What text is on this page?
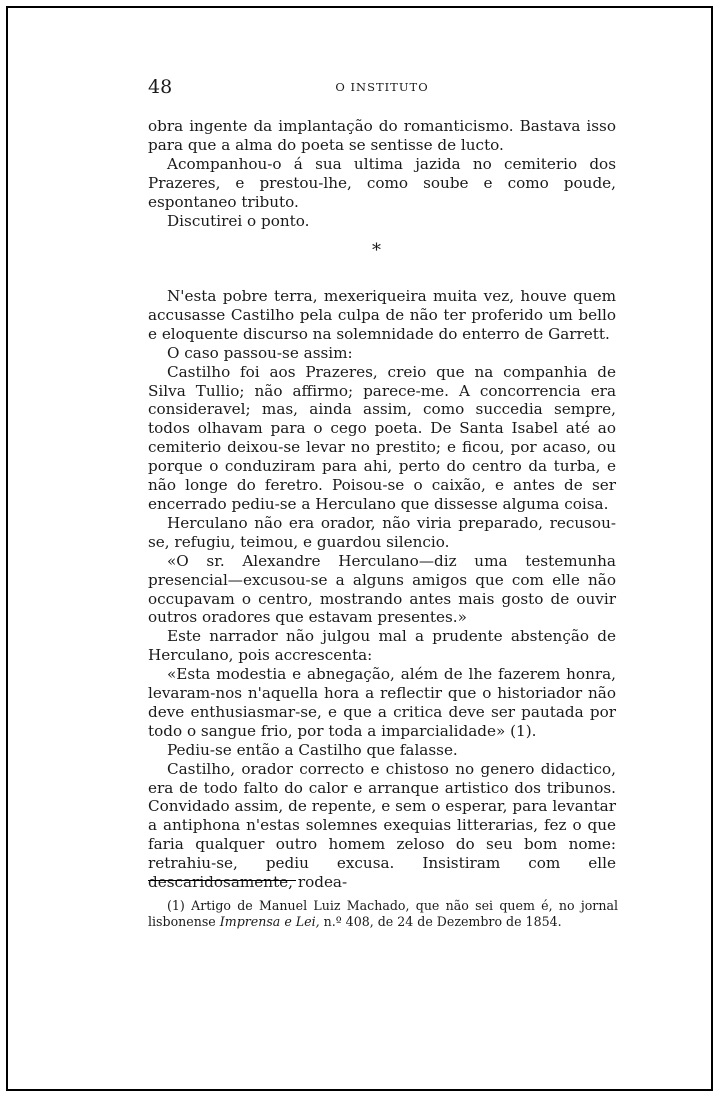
48	O INSTITUTO

obra ingente da implantação do romanticismo. Bastava isso para que a alma do poeta se sentisse de lucto.

Acompanhou-o á sua ultima jazida no cemiterio dos Prazeres, e prestou-lhe, como soube e como poude, espontaneo tributo.

Discutirei o ponto.

*

N'esta pobre terra, mexeriqueira muita vez, houve quem accusasse Castilho pela culpa de não ter proferido um bello e eloquente discurso na solemnidade do enterro de Garrett.

O caso passou-se assim:

Castilho foi aos Prazeres, creio que na companhia de Silva Tullio; não affirmo; parece-me. A concorrencia era consideravel; mas, ainda assim, como succedia sempre, todos olhavam para o cego poeta. De Santa Isabel até ao cemiterio deixou-se levar no prestito; e ficou, por acaso, ou porque o conduziram para ahi, perto do centro da turba, e não longe do feretro. Poisou-se o caixão, e antes de ser encerrado pediu-se a Herculano que dissesse alguma coisa.

Herculano não era orador, não viria preparado, recusou-se, refugiu, teimou, e guardou silencio.

«O sr. Alexandre Herculano—diz uma testemunha presencial—excusou-se a alguns amigos que com elle não occupavam o centro, mostrando antes mais gosto de ouvir outros oradores que estavam presentes.»

Este narrador não julgou mal a prudente abstenção de Herculano, pois accrescenta:

«Esta modestia e abnegação, além de lhe fazerem honra, levaram-nos n'aquella hora a reflectir que o historiador não deve enthusiasmar-se, e que a critica deve ser pautada por todo o sangue frio, por toda a imparcialidade» (1).

Pediu-se então a Castilho que falasse.

Castilho, orador correcto e chistoso no genero didactico, era de todo falto do calor e arranque artistico dos tribunos. Convidado assim, de repente, e sem o esperar, para levantar a antiphona n'estas solemnes exequias litterarias, fez o que faria qualquer outro homem zeloso do seu bom nome: retrahiu-se, pediu excusa. Insistiram com elle descaridosamente, rodea-

(1) Artigo de Manuel Luiz Machado, que não sei quem é, no jornal lisbonense Imprensa e Lei, n.º 408, de 24 de Dezembro de 1854.
